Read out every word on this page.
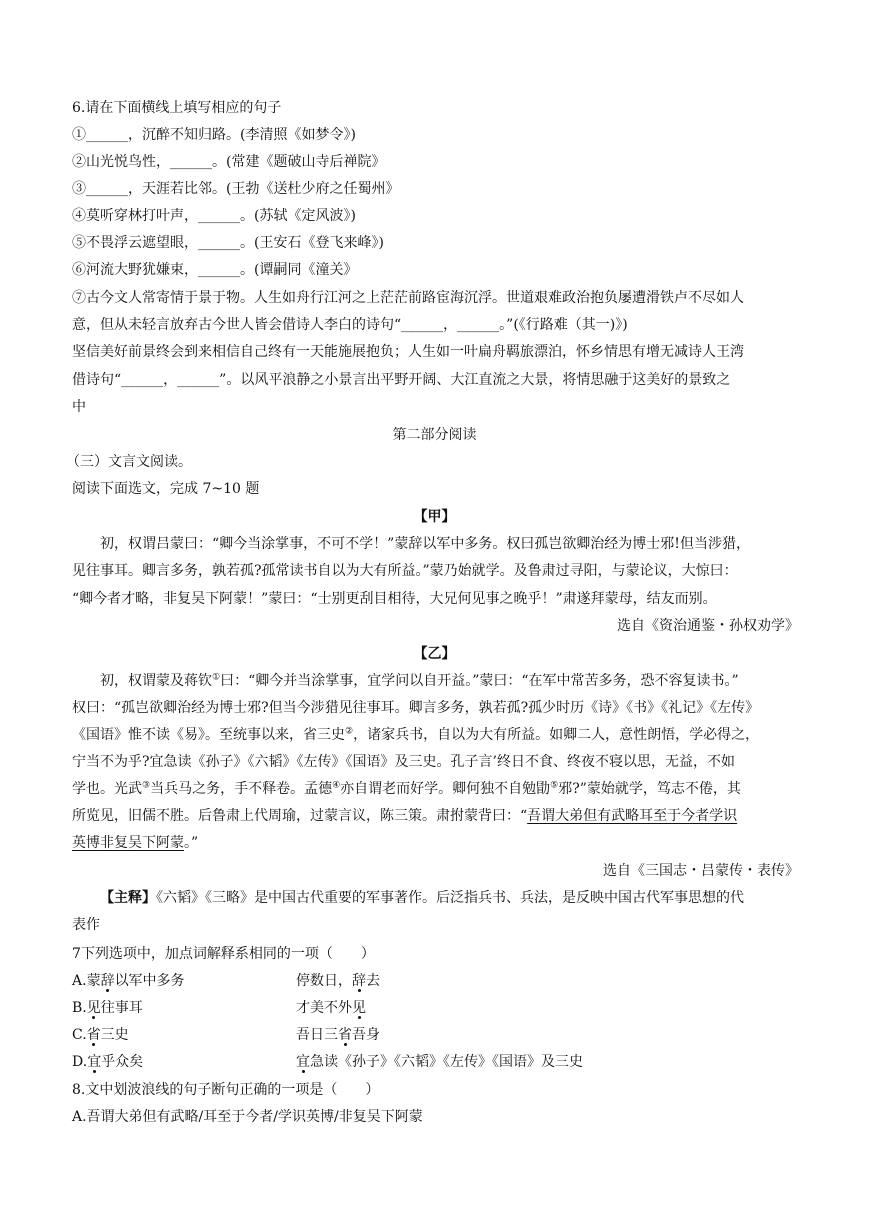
6.请在下面横线上填写相应的句子
①______，沉醉不知归路。(李清照《如梦令》)
②山光悦鸟性，______。(常建《题破山寺后禅院》
③______，天涯若比邻。(王勃《送杜少府之任蜀州》
④莫听穿林打叶声，______。(苏轼《定风波》)
⑤不畏浮云遮望眼，______。(王安石《登飞来峰》)
⑥河流大野犹嫌束，______。(谭嗣同《潼关》
⑦古今文人常寄情于景于物。人生如舟行江河之上茫茫前路宦海沉浮。世道艰难政治抱负屡遭滑铁卢不尽如人
意，但从未轻言放弃古今世人皆会借诗人李白的诗句“______，______。”(《行路难（其一)》)
坚信美好前景终会到来相信自己终有一天能施展抱负；人生如一叶扁舟羁旅漂泊，怀乡情思有增无减诗人王湾
借诗句“______，______”。以风平浪静之小景言出平野开阔、大江直流之大景，将情思融于这美好的景致之
中
第二部分阅读
（三）文言文阅读。
阅读下面选文，完成 7~10 题
【甲】
初，权谓吕蒙曰：“卿今当涂掌事，不可不学！”蒙辞以军中多务。权曰孤岂欲卿治经为博士邪!但当涉猎，
见往事耳。卿言多务，孰若孤?孤常读书自以为大有所益。”蒙乃始就学。及鲁肃过寻阳，与蒙论议，大惊曰：
“卿今者才略，非复吴下阿蒙！”蒙曰：“士别更刮目相待，大兄何见事之晚乎！”肃遂拜蒙母，结友而别。
选自《资治通鉴・孙权劝学》
【乙】
初，权谓蒙及蒋钦①曰：“卿今并当涂掌事，宜学问以自开益。”蒙曰：“在军中常苦多务，恐不容复读书。”
权曰：“孤岂欲卿治经为博士邪?但当今涉猎见往事耳。卿言多务，孰若孤?孤少时历《诗》《书》《礼记》《左传》
《国语》惟不读《易》。至统事以来，省三史②，诸家兵书，自以为大有所益。如卿二人，意性朗悟，学必得之，
宁当不为乎?宜急读《孙子》《六韬》《左传》《国语》及三史。孔子言’终日不食、终夜不寝以思，无益，不如
学也。光武③当兵马之务，手不释卷。孟德④亦自谓老而好学。卿何独不自勉勖⑤邪?”蒙始就学，笃志不倦，其
所览见，旧儒不胜。后鲁肃上代周瑜，过蒙言议，陈三策。肃拊蒙背曰：“吾谓大弟但有武略耳至于今者学识
英博非复吴下阿蒙。”
选自《三国志・吕蒙传・表传》
【主释】《六韬》《三略》是中国古代重要的军事著作。后泛指兵书、兵法，是反映中国古代军事思想的代
表作
7下列选项中，加点词解释系相同的一项（　　）
A.蒙辞以军中多务	停数日，辞去
B.见往事耳	才美不外见
C.省三史	吾日三省吾身
D.宜乎众矣	宜急读《孙子》《六韬》《左传》《国语》及三史
8.文中划波浪线的句子断句正确的一项是（　　）
A.吾谓大弟但有武略/耳至于今者/学识英博/非复吴下阿蒙
